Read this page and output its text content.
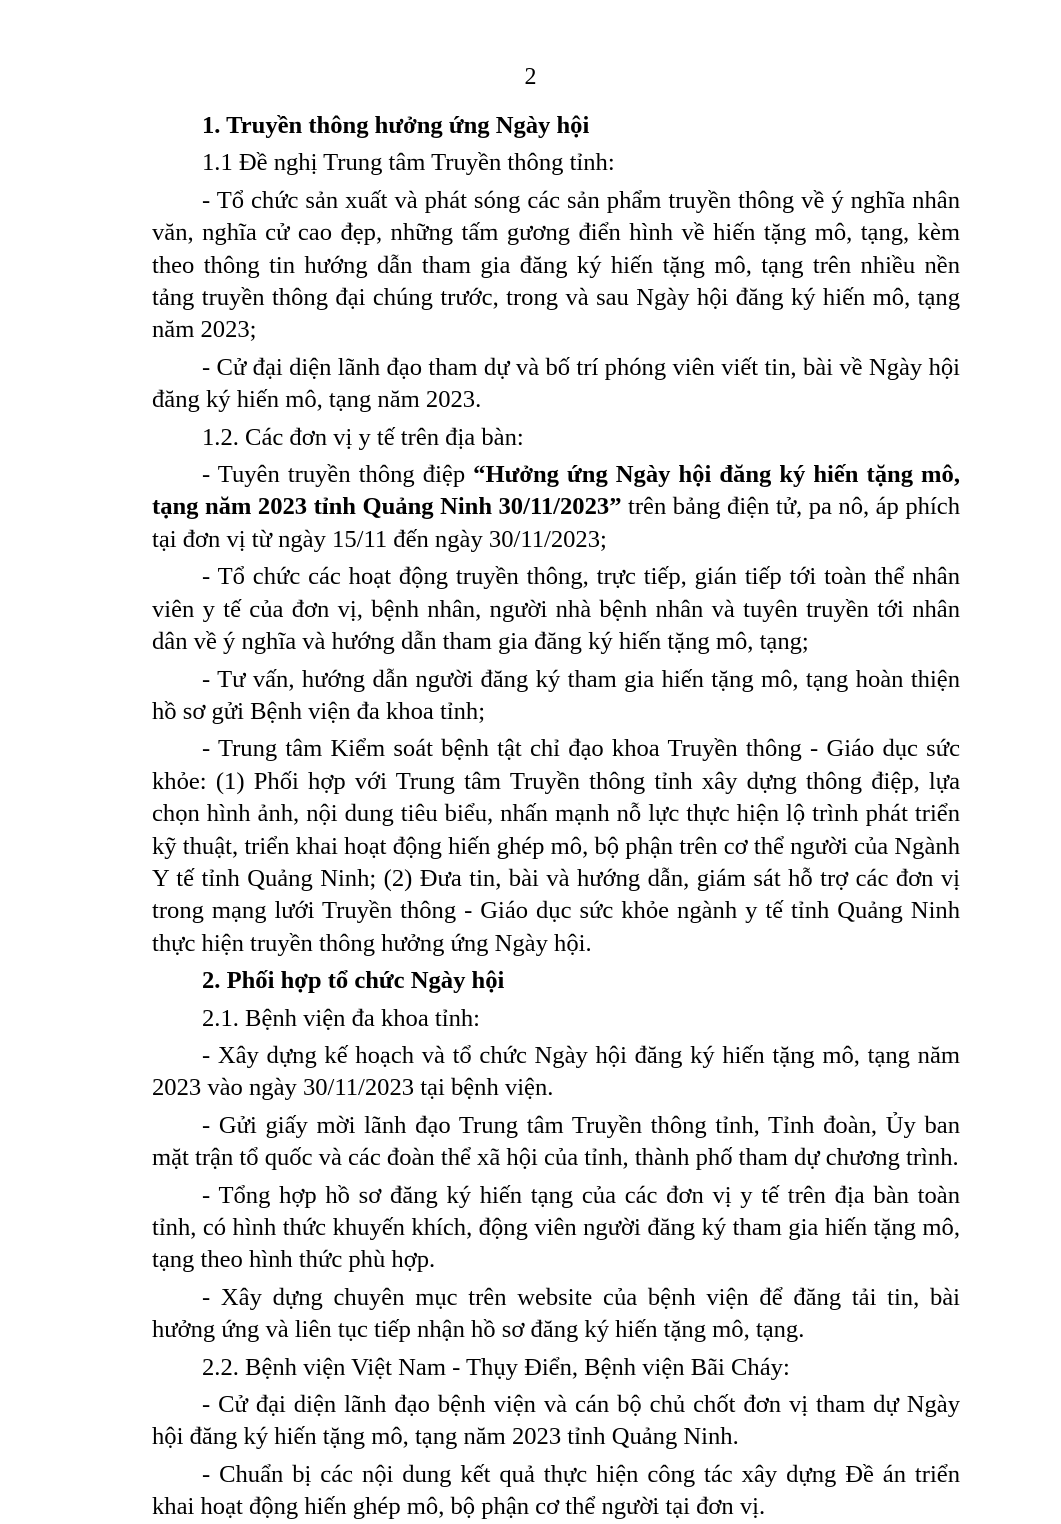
2

1. Truyền thông hưởng ứng Ngày hội

1.1 Đề nghị Trung tâm Truyền thông tỉnh:

- Tổ chức sản xuất và phát sóng các sản phẩm truyền thông về ý nghĩa nhân văn, nghĩa cử cao đẹp, những tấm gương điển hình về hiến tặng mô, tạng, kèm theo thông tin hướng dẫn tham gia đăng ký hiến tặng mô, tạng trên nhiều nền tảng truyền thông đại chúng trước, trong và sau Ngày hội đăng ký hiến mô, tạng năm 2023;

- Cử đại diện lãnh đạo tham dự và bố trí phóng viên viết tin, bài về Ngày hội đăng ký hiến mô, tạng năm 2023.

1.2. Các đơn vị y tế trên địa bàn:

- Tuyên truyền thông điệp “Hưởng ứng Ngày hội đăng ký hiến tặng mô, tạng năm 2023 tỉnh Quảng Ninh 30/11/2023” trên bảng điện tử, pa nô, áp phích tại đơn vị từ ngày 15/11 đến ngày 30/11/2023;

- Tổ chức các hoạt động truyền thông, trực tiếp, gián tiếp tới toàn thể nhân viên y tế của đơn vị, bệnh nhân, người nhà bệnh nhân và tuyên truyền tới nhân dân về ý nghĩa và hướng dẫn tham gia đăng ký hiến tặng mô, tạng;

- Tư vấn, hướng dẫn người đăng ký tham gia hiến tặng mô, tạng hoàn thiện hồ sơ gửi Bệnh viện đa khoa tỉnh;

- Trung tâm Kiểm soát bệnh tật chỉ đạo khoa Truyền thông - Giáo dục sức khỏe: (1) Phối hợp với Trung tâm Truyền thông tỉnh xây dựng thông điệp, lựa chọn hình ảnh, nội dung tiêu biểu, nhấn mạnh nỗ lực thực hiện lộ trình phát triển kỹ thuật, triển khai hoạt động hiến ghép mô, bộ phận trên cơ thể người của Ngành Y tế tỉnh Quảng Ninh; (2) Đưa tin, bài và hướng dẫn, giám sát hỗ trợ các đơn vị trong mạng lưới Truyền thông - Giáo dục sức khỏe ngành y tế tỉnh Quảng Ninh thực hiện truyền thông hưởng ứng Ngày hội.

2. Phối hợp tổ chức Ngày hội

2.1. Bệnh viện đa khoa tỉnh:

- Xây dựng kế hoạch và tổ chức Ngày hội đăng ký hiến tặng mô, tạng năm 2023 vào ngày 30/11/2023 tại bệnh viện.

- Gửi giấy mời lãnh đạo Trung tâm Truyền thông tỉnh, Tỉnh đoàn, Ủy ban mặt trận tổ quốc và các đoàn thể xã hội của tỉnh, thành phố tham dự chương trình.

- Tổng hợp hồ sơ đăng ký hiến tạng của các đơn vị y tế trên địa bàn toàn tỉnh, có hình thức khuyến khích, động viên người đăng ký tham gia hiến tặng mô, tạng theo hình thức phù hợp.

- Xây dựng chuyên mục trên website của bệnh viện để đăng tải tin, bài hưởng ứng và liên tục tiếp nhận hồ sơ đăng ký hiến tặng mô, tạng.

2.2. Bệnh viện Việt Nam - Thụy Điển, Bệnh viện Bãi Cháy:

- Cử đại diện lãnh đạo bệnh viện và cán bộ chủ chốt đơn vị tham dự Ngày hội đăng ký hiến tặng mô, tạng năm 2023 tỉnh Quảng Ninh.

- Chuẩn bị các nội dung kết quả thực hiện công tác xây dựng Đề án triển khai hoạt động hiến ghép mô, bộ phận cơ thể người tại đơn vị.
